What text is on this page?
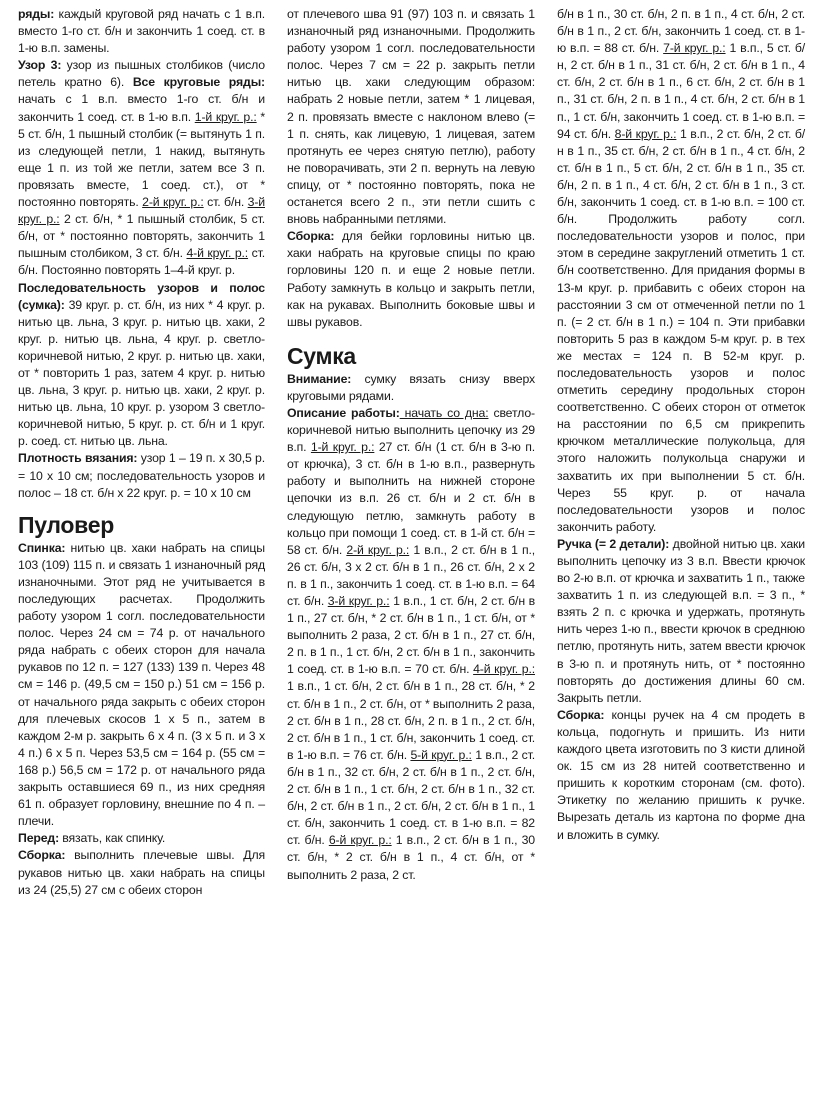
ряды: каждый круговой ряд начать с 1 в.п. вместо 1-го ст. б/н и закончить 1 соед. ст. в 1-ю в.п. замены.

Узор 3: узор из пышных столбиков (число петель кратно 6). Все круговые ряды: начать с 1 в.п. вместо 1-го ст. б/н и закончить 1 соед. ст. в 1-ю в.п. 1-й круг. р.: * 5 ст. б/н, 1 пышный столбик (= вытянуть 1 п. из следующей петли, 1 накид, вытянуть еще 1 п. из той же петли, затем все 3 п. провязать вместе, 1 соед. ст.), от * постоянно повторять. 2-й круг. р.: ст. б/н. 3-й круг. р.: 2 ст. б/н, * 1 пышный столбик, 5 ст. б/н, от * постоянно повторять, закончить 1 пышным столбиком, 3 ст. б/н. 4-й круг. р.: ст. б/н. Постоянно повторять 1–4-й круг. р.

Последовательность узоров и полос (сумка): 39 круг. р. ст. б/н, из них * 4 круг. р. нитью цв. льна, 3 круг. р. нитью цв. хаки, 2 круг. р. нитью цв. льна, 4 круг. р. светло-коричневой нитью, 2 круг. р. нитью цв. хаки, от * повторить 1 раз, затем 4 круг. р. нитью цв. льна, 3 круг. р. нитью цв. хаки, 2 круг. р. нитью цв. льна, 10 круг. р. узором 3 светло-коричневой нитью, 5 круг. р. ст. б/н и 1 круг. р. соед. ст. нитью цв. льна.

Плотность вязания: узор 1 – 19 п. х 30,5 р. = 10 х 10 см; последовательность узоров и полос – 18 ст. б/н х 22 круг. р. = 10 х 10 см

Пуловер

Спинка: нитью цв. хаки набрать на спицы 103 (109) 115 п. и связать 1 изнаночный ряд изнаночными. Этот ряд не учитывается в последующих расчетах. Продолжить работу узором 1 согл. последовательности полос. Через 24 см = 74 р. от начального ряда набрать с обеих сторон для начала рукавов по 12 п. = 127 (133) 139 п. Через 48 см = 146 р. (49,5 см = 150 р.) 51 см = 156 р. от начального ряда закрыть с обеих сторон для плечевых скосов 1 х 5 п., затем в каждом 2-м р. закрыть 6 х 4 п. (3 х 5 п. и 3 х 4 п.) 6 х 5 п. Через 53,5 см = 164 р. (55 см = 168 р.) 56,5 см = 172 р. от начального ряда закрыть оставшиеся 69 п., из них средняя 61 п. образует горловину, внешние по 4 п. – плечи.

Перед: вязать, как спинку.

Сборка: выполнить плечевые швы. Для рукавов нитью цв. хаки набрать на спицы из 24 (25,5) 27 см с обеих сторон

от плечевого шва 91 (97) 103 п. и связать 1 изнаночный ряд изнаночными. Продолжить работу узором 1 согл. последовательности полос. Через 7 см = 22 р. закрыть петли нитью цв. хаки следующим образом: набрать 2 новые петли, затем * 1 лицевая, 2 п. провязать вместе с наклоном влево (= 1 п. снять, как лицевую, 1 лицевая, затем протянуть ее через снятую петлю), работу не поворачивать, эти 2 п. вернуть на левую спицу, от * постоянно повторять, пока не останется всего 2 п., эти петли сшить с вновь набранными петлями.

Сборка: для бейки горловины нитью цв. хаки набрать на круговые спицы по краю горловины 120 п. и еще 2 новые петли. Работу замкнуть в кольцо и закрыть петли, как на рукавах. Выполнить боковые швы и швы рукавов.

Сумка

Внимание: сумку вязать снизу вверх круговыми рядами.

Описание работы: начать со дна: светло-коричневой нитью выполнить цепочку из 29 в.п. 1-й круг. р.: 27 ст. б/н (1 ст. б/н в 3-ю п. от крючка), 3 ст. б/н в 1-ю в.п., развернуть работу и выполнить на нижней стороне цепочки из в.п. 26 ст. б/н и 2 ст. б/н в следующую петлю, замкнуть работу в кольцо при помощи 1 соед. ст. в 1-й ст. б/н = 58 ст. б/н. 2-й круг. р.: 1 в.п., 2 ст. б/н в 1 п., 26 ст. б/н, 3 х 2 ст. б/н в 1 п., 26 ст. б/н, 2 х 2 п. в 1 п., закончить 1 соед. ст. в 1-ю в.п. = 64 ст. б/н. 3-й круг. р.: 1 в.п., 1 ст. б/н, 2 ст. б/н в 1 п., 27 ст. б/н, * 2 ст. б/н в 1 п., 1 ст. б/н, от * выполнить 2 раза, 2 ст. б/н в 1 п., 27 ст. б/н, 2 п. в 1 п., 1 ст. б/н, 2 ст. б/н в 1 п., закончить 1 соед. ст. в 1-ю в.п. = 70 ст. б/н. 4-й круг. р.: 1 в.п., 1 ст. б/н, 2 ст. б/н в 1 п., 28 ст. б/н, * 2 ст. б/н в 1 п., 2 ст. б/н, от * выполнить 2 раза, 2 ст. б/н в 1 п., 28 ст. б/н, 2 п. в 1 п., 2 ст. б/н, 2 ст. б/н в 1 п., 1 ст. б/н, закончить 1 соед. ст. в 1-ю в.п. = 76 ст. б/н. 5-й круг. р.: 1 в.п., 2 ст. б/н в 1 п., 32 ст. б/н, 2 ст. б/н в 1 п., 2 ст. б/н, 2 ст. б/н в 1 п., 1 ст. б/н, 2 ст. б/н в 1 п., 32 ст. б/н, 2 ст. б/н в 1 п., 2 ст. б/н, 2 ст. б/н в 1 п., 1 ст. б/н, закончить 1 соед. ст. в 1-ю в.п. = 82 ст. б/н. 6-й круг. р.: 1 в.п., 2 ст. б/н в 1 п., 30 ст. б/н, * 2 ст. б/н в 1 п., 4 ст. б/н, от * выполнить 2 раза, 2 ст.

б/н в 1 п., 30 ст. б/н, 2 п. в 1 п., 4 ст. б/н, 2 ст. б/н в 1 п., 2 ст. б/н, закончить 1 соед. ст. в 1-ю в.п. = 88 ст. б/н. 7-й круг. р.: 1 в.п., 5 ст. б/н, 2 ст. б/н в 1 п., 31 ст. б/н, 2 ст. б/н в 1 п., 4 ст. б/н, 2 ст. б/н в 1 п., 6 ст. б/н, 2 ст. б/н в 1 п., 31 ст. б/н, 2 п. в 1 п., 4 ст. б/н, 2 ст. б/н в 1 п., 1 ст. б/н, закончить 1 соед. ст. в 1-ю в.п. = 94 ст. б/н. 8-й круг. р.: 1 в.п., 2 ст. б/н, 2 ст. б/н в 1 п., 35 ст. б/н, 2 ст. б/н в 1 п., 4 ст. б/н, 2 ст. б/н в 1 п., 5 ст. б/н, 2 ст. б/н в 1 п., 35 ст. б/н, 2 п. в 1 п., 4 ст. б/н, 2 ст. б/н в 1 п., 3 ст. б/н, закончить 1 соед. ст. в 1-ю в.п. = 100 ст. б/н. Продолжить работу согл. последовательности узоров и полос, при этом в середине закруглений отметить 1 ст. б/н соответственно. Для придания формы в 13-м круг. р. прибавить с обеих сторон на расстоянии 3 см от отмеченной петли по 1 п. (= 2 ст. б/н в 1 п.) = 104 п. Эти прибавки повторить 5 раз в каждом 5-м круг. р. в тех же местах = 124 п. В 52-м круг. р. последовательность узоров и полос отметить середину продольных сторон соответственно. С обеих сторон от отметок на расстоянии по 6,5 см прикрепить крючком металлические полукольца, для этого наложить полукольца снаружи и захватить их при выполнении 5 ст. б/н. Через 55 круг. р. от начала последовательности узоров и полос закончить работу.

Ручка (= 2 детали): двойной нитью цв. хаки выполнить цепочку из 3 в.п. Ввести крючок во 2-ю в.п. от крючка и захватить 1 п., также захватить 1 п. из следующей в.п. = 3 п., * взять 2 п. с крючка и удержать, протянуть нить через 1-ю п., ввести крючок в среднюю петлю, протянуть нить, затем ввести крючок в 3-ю п. и протянуть нить, от * постоянно повторять до достижения длины 60 см. Закрыть петли.

Сборка: концы ручек на 4 см продеть в кольца, подогнуть и пришить. Из нити каждого цвета изготовить по 3 кисти длиной ок. 15 см из 28 нитей соответственно и пришить к коротким сторонам (см. фото). Этикетку по желанию пришить к ручке. Вырезать деталь из картона по форме дна и вложить в сумку.
